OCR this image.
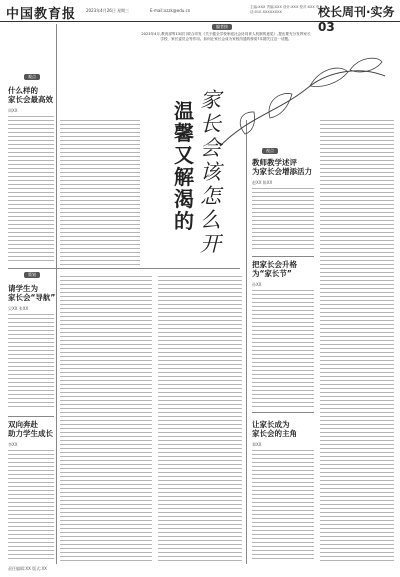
中国教育报 2023年4月26日 星期三	E-mail:xzzk@edu.cn
主编:XXX 责编:XXX 设计:XXX 校对:XXX 电话:010-XXXXXXXX	校长周刊·实务 03
编者按
2023年4月,教育部等13部门联合印发《关于健全学校家庭社会协同育人机制的意见》,提出要充分发挥家长学校、家长委员会等作用。如何让家长会成为家校沟通的桥梁?本期关注这一话题。
温馨又解渴的
家长会该怎么开
观点
什么样的
家长会最高效
周XX
策划
请学生为
家长会“导航”
吴XX 张XX
双向奔赴
助力学生成长
李XX
视点
教师教学述评
为家长会增添活力
赵XX 陈XX
把家长会升格
为“家长节”
孙XX
让家长成为
家长会的主角
郑XX
责任编辑:XX 版式:XX
